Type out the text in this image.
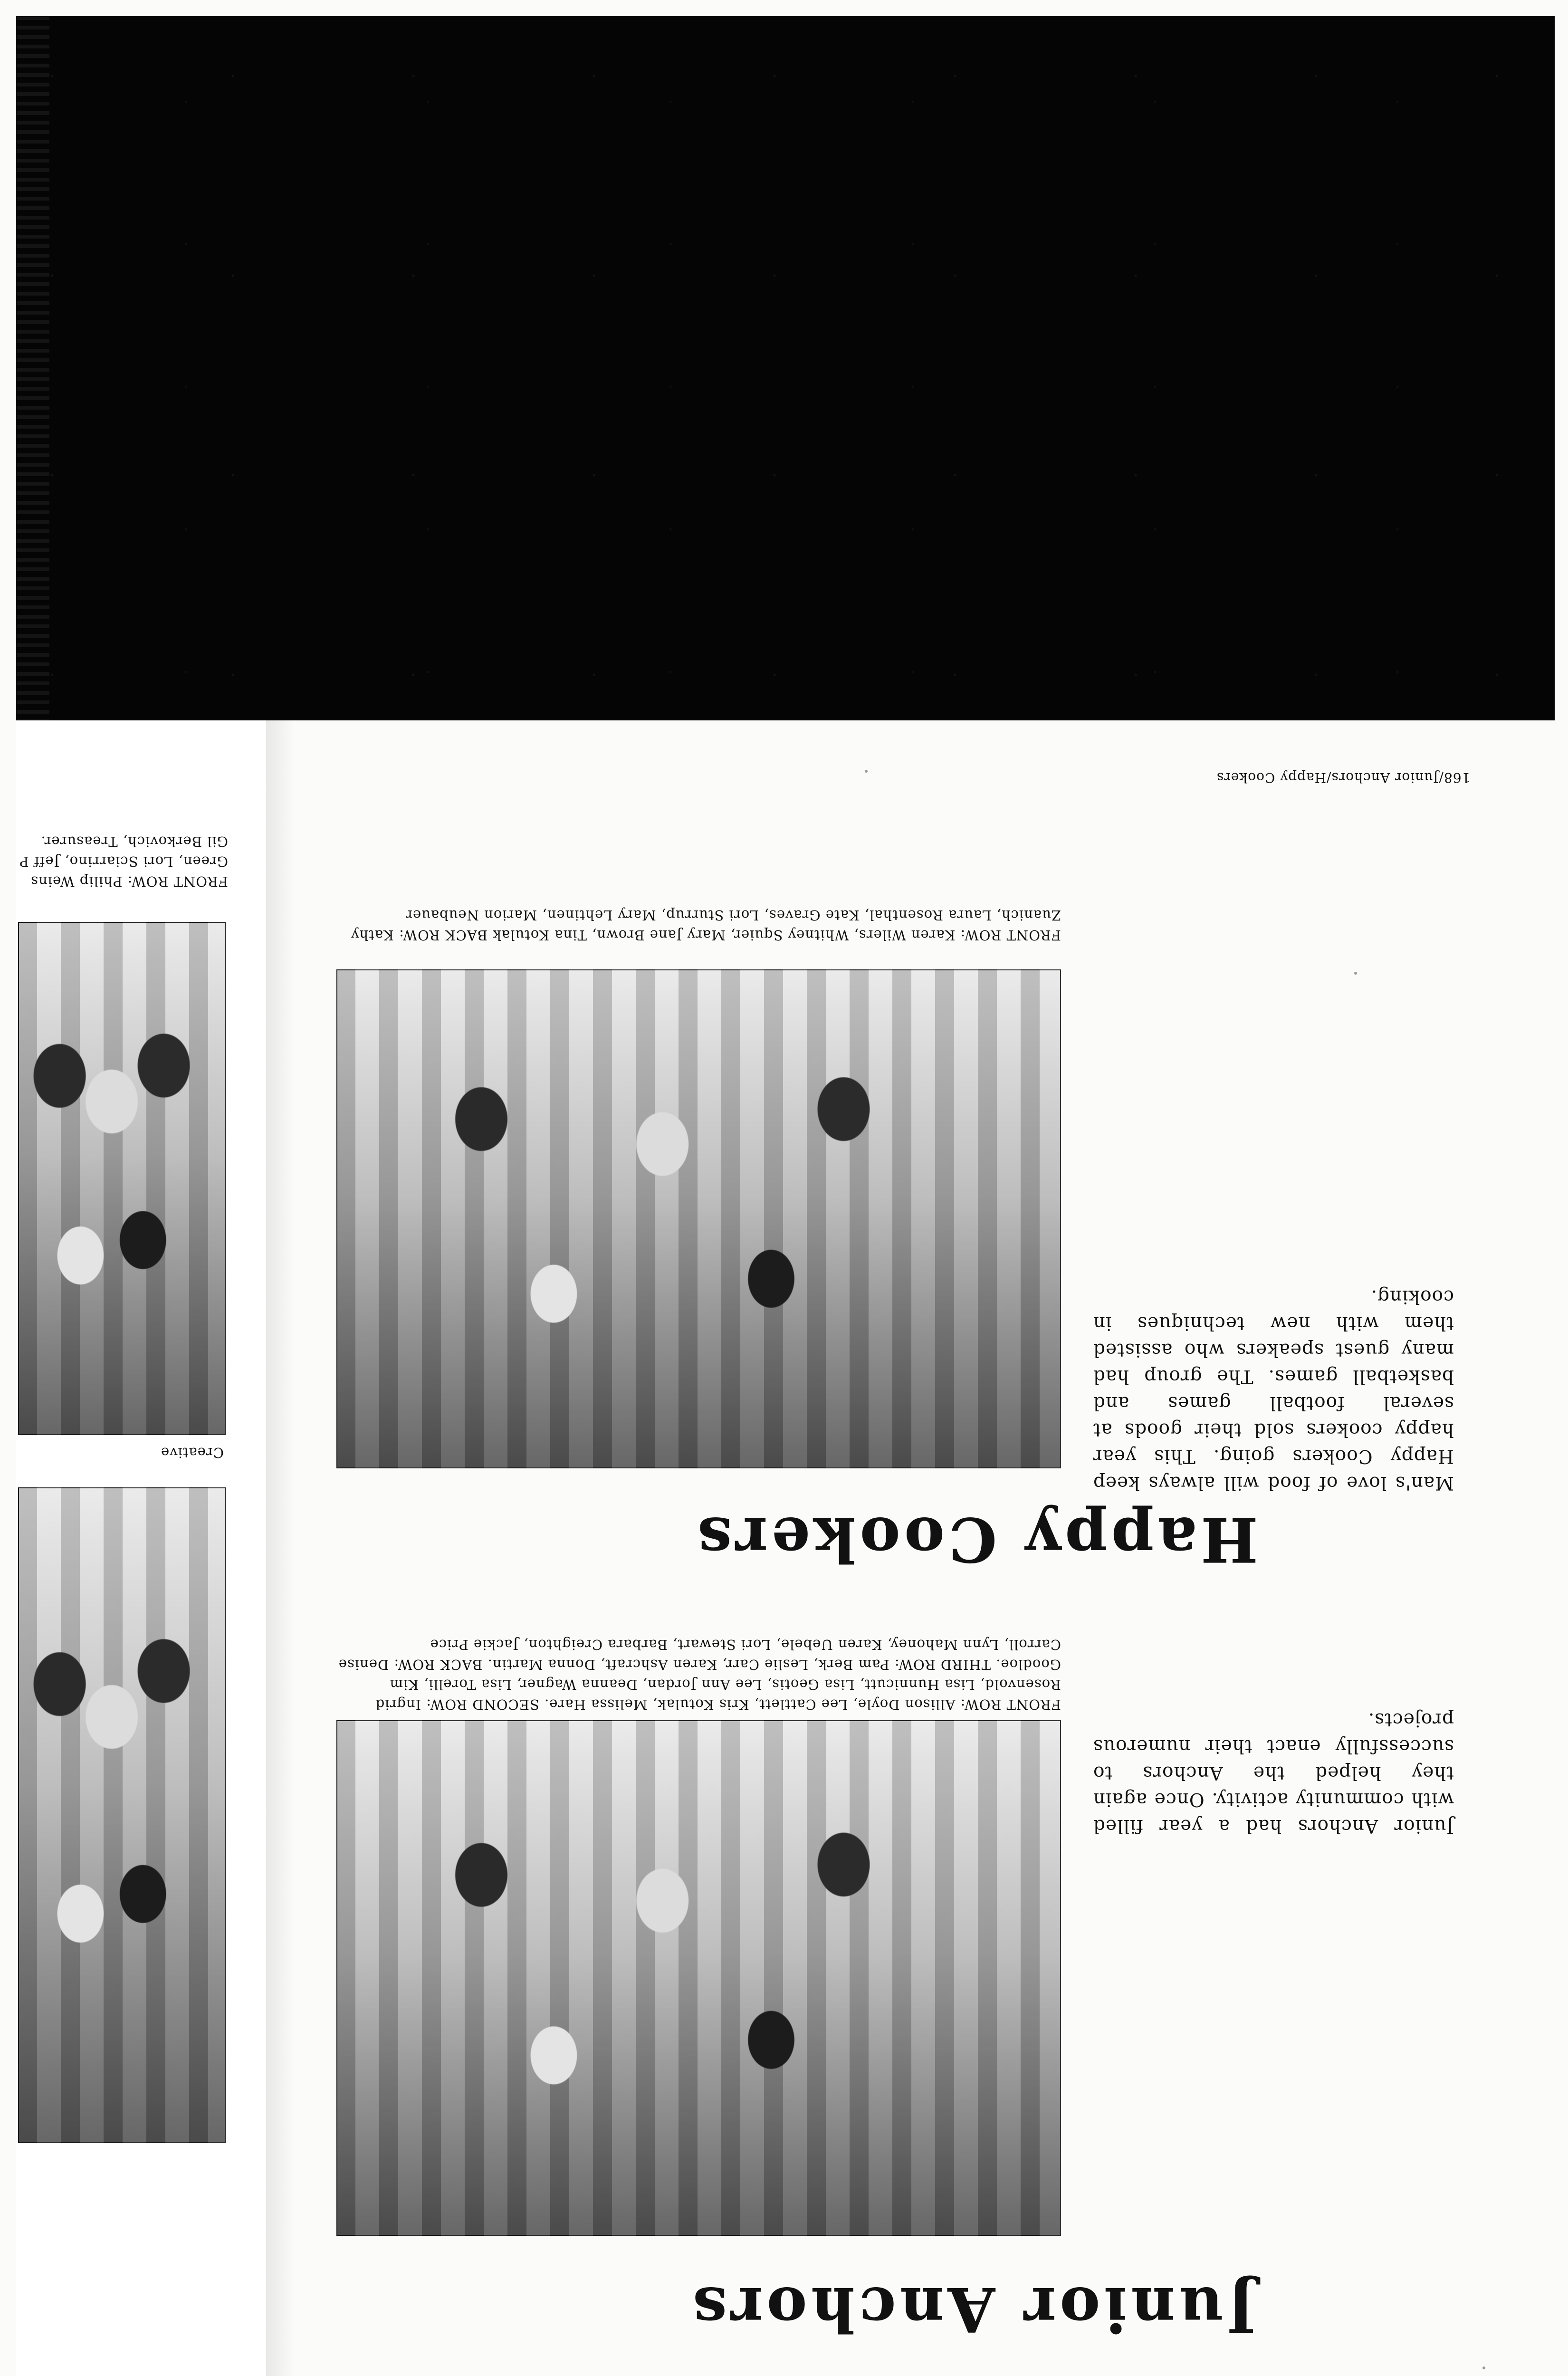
Creative
FRONT ROW: Philip Weins Green, Lori Sciarrino, Jeff P Gil Berkovich, Treasurer.
168/Junior Anchors/Happy Cookers
FRONT ROW: Karen Wilers, Whitney Squier, Mary Jane Brown, Tina Kotulak BACK ROW: Kathy Zuanich, Laura Rosenthal, Kate Graves, Lori Sturrup, Mary Lehtinen, Marion Neubauer
Man's love of food will always keep Happy Cookers going. This year happy cookers sold their goods at several football games and basketball games. The group had many guest speakers who assisted them with new techniques in cooking.
Happy Cookers
FRONT ROW: Allison Doyle, Lee Cattlett, Kris Kotulak, Melissa Hare. SECOND ROW: Ingrid Rosenvold, Lisa Hunnicutt, Lisa Geotis, Lee Ann Jordan, Deanna Wagner, Lisa Torelli, Kim Goodloe. THIRD ROW: Pam Berk, Leslie Carr, Karen Ashcraft, Donna Martin. BACK ROW: Denise Carroll, Lynn Mahoney, Karen Uebele, Lori Stewart, Barbara Creighton, Jackie Price
Junior Anchors had a year filled with community activity. Once again they helped the Anchors to successfully enact their numerous projects.
Junior Anchors
